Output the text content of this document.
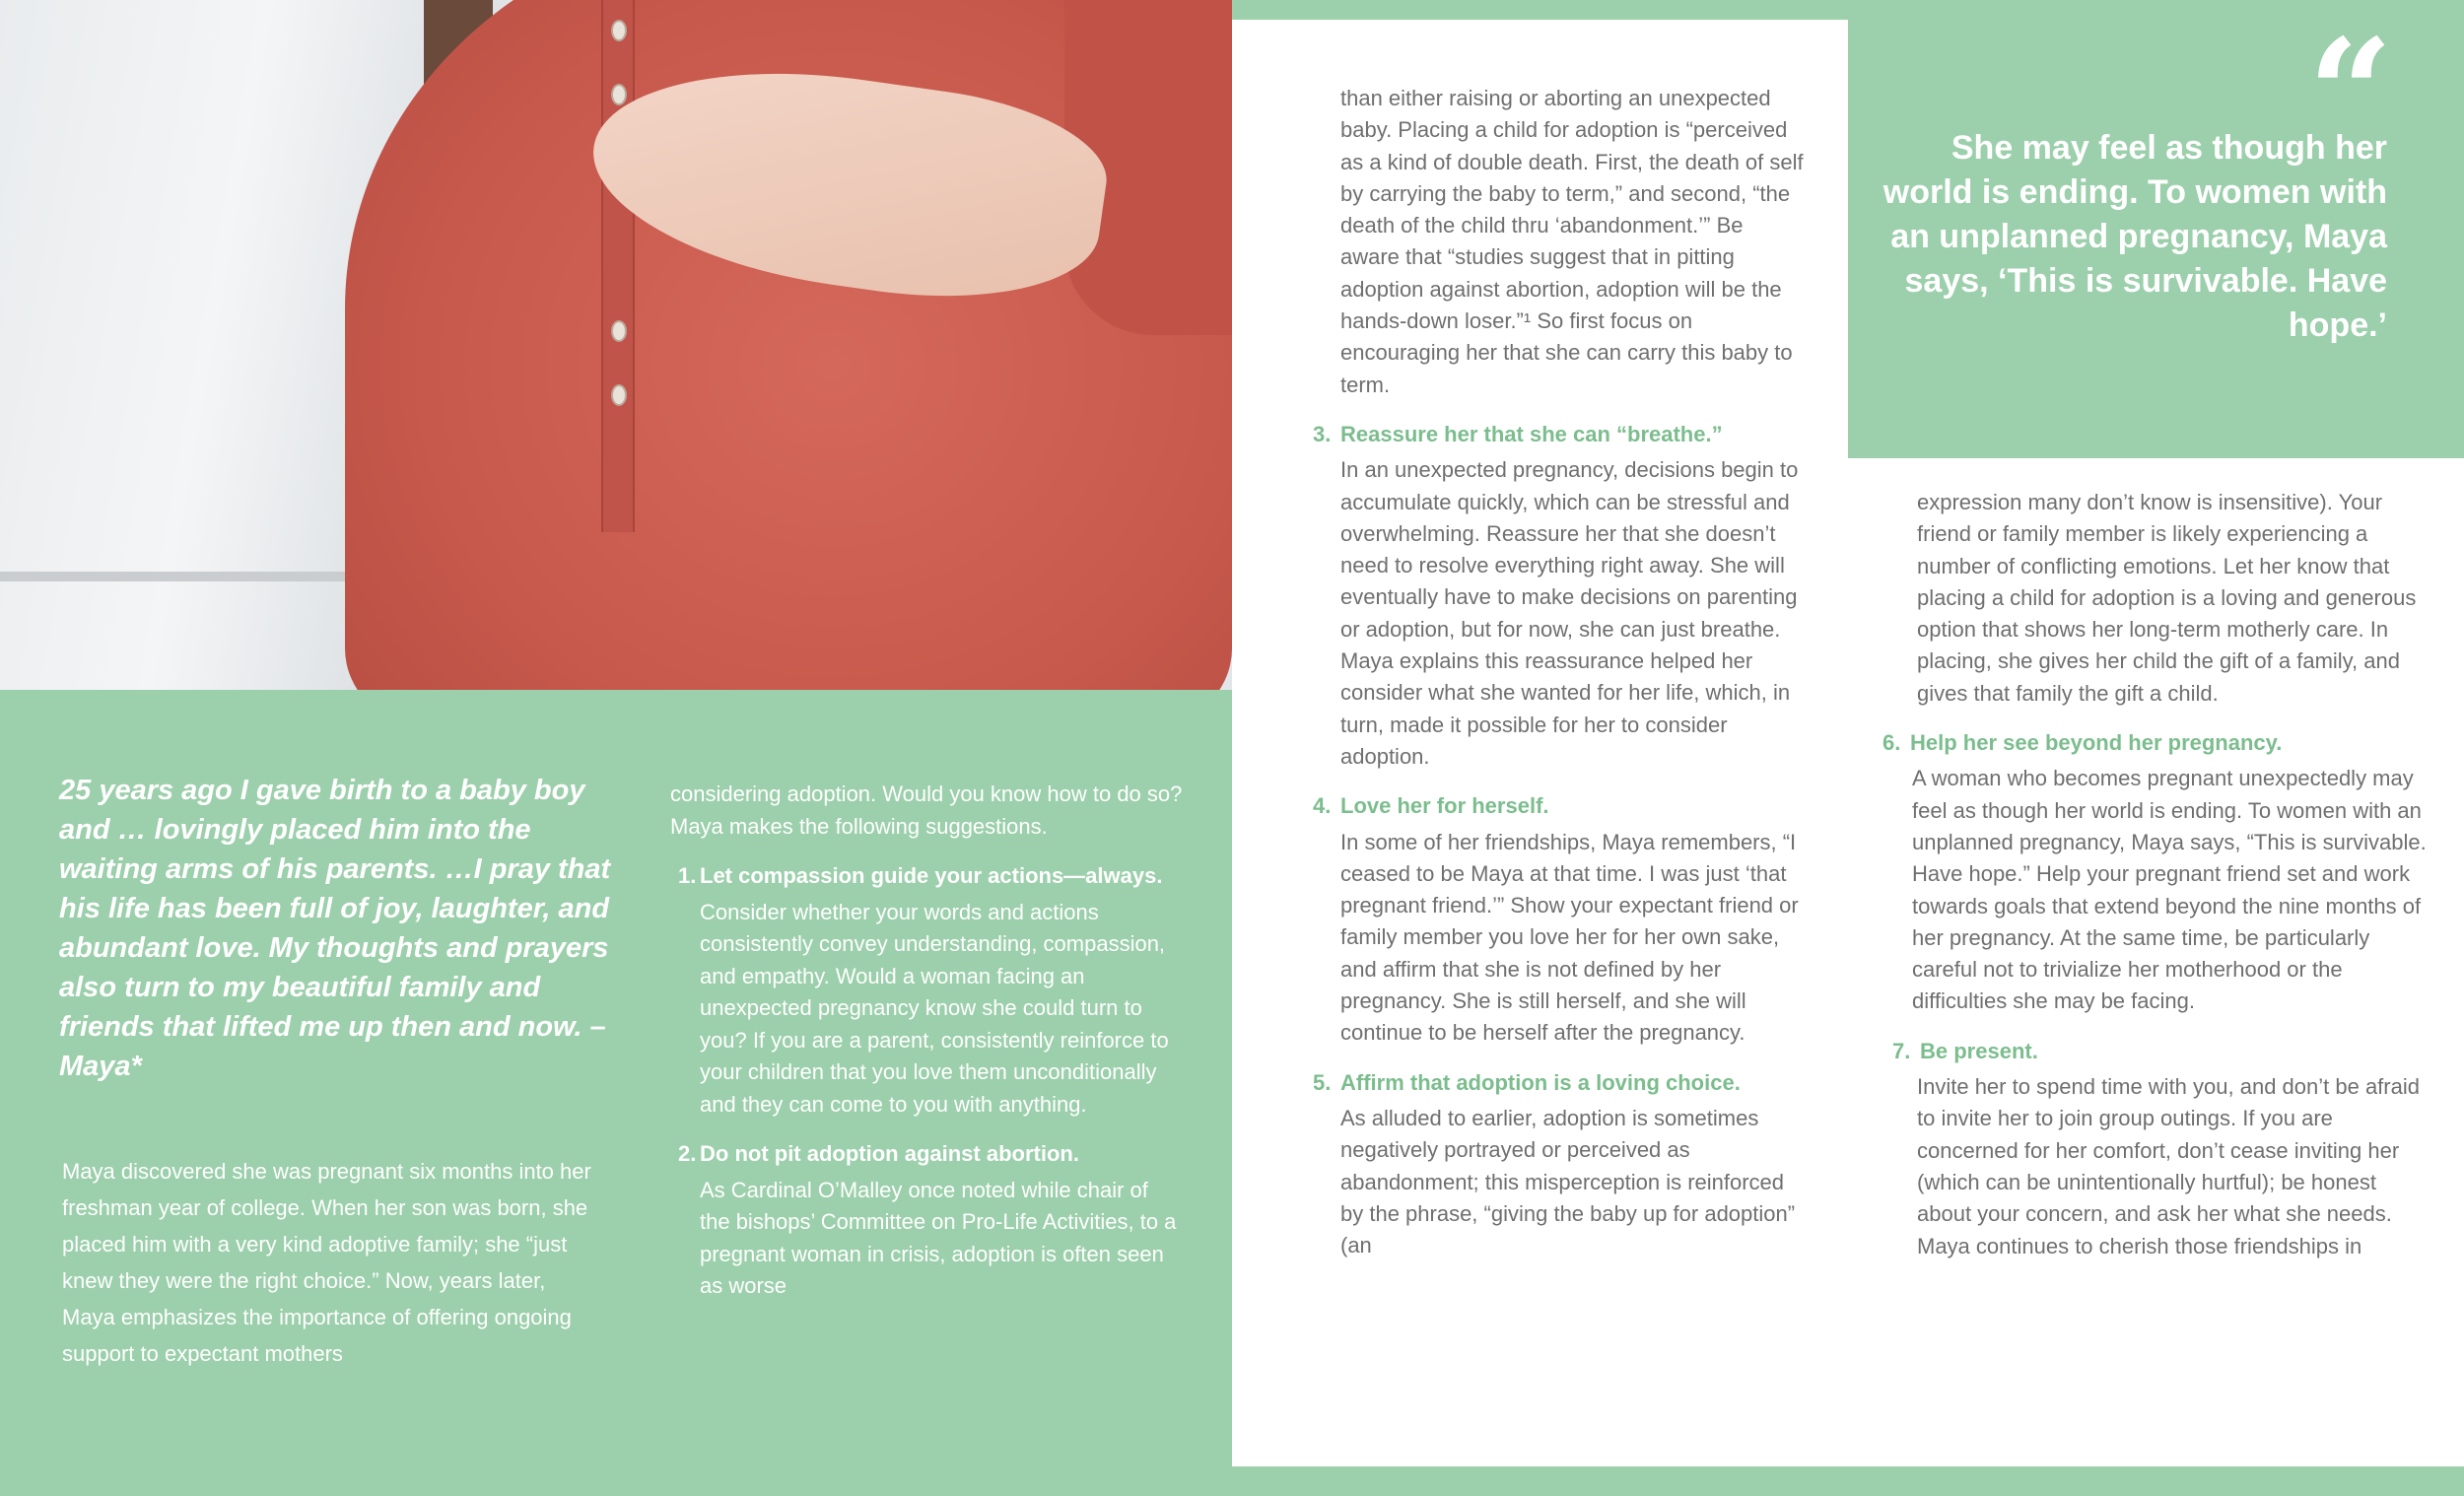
“
She may feel as though her world is ending. To women with an unplanned pregnancy, Maya says, ‘This is survivable. Have hope.’
25 years ago I gave birth to a baby boy and … lovingly placed him into the waiting arms of his parents. …I pray that his life has been full of joy, laughter, and abundant love. My thoughts and prayers also turn to my beautiful family and friends that lifted me up then and now. – Maya*
Maya discovered she was pregnant six months into her freshman year of college. When her son was born, she placed him with a very kind adoptive family; she “just knew they were the right choice.” Now, years later, Maya emphasizes the importance of offering ongoing support to expectant mothers

considering adoption. Would you know how to do so? Maya makes the following suggestions.

1. Let compassion guide your actions—always.

Consider whether your words and actions consistently convey understanding, compassion, and empathy. Would a woman facing an unexpected pregnancy know she could turn to you? If you are a parent, consistently reinforce to your children that you love them unconditionally and they can come to you with anything.

2. Do not pit adoption against abortion.

As Cardinal O’Malley once noted while chair of the bishops’ Committee on Pro-Life Activities, to a pregnant woman in crisis, adoption is often seen as worse

than either raising or aborting an unexpected baby. Placing a child for adoption is “perceived as a kind of double death. First, the death of self by carrying the baby to term,” and second, “the death of the child thru ‘abandonment.’” Be aware that “studies suggest that in pitting adoption against abortion, adoption will be the hands-down loser.”¹ So first focus on encouraging her that she can carry this baby to term.

3. Reassure her that she can “breathe.”

In an unexpected pregnancy, decisions begin to accumulate quickly, which can be stressful and overwhelming. Reassure her that she doesn’t need to resolve everything right away. She will eventually have to make decisions on parenting or adoption, but for now, she can just breathe. Maya explains this reassurance helped her consider what she wanted for her life, which, in turn, made it possible for her to consider adoption.

4. Love her for herself.

In some of her friendships, Maya remembers, “I ceased to be Maya at that time. I was just ‘that pregnant friend.’” Show your expectant friend or family member you love her for her own sake, and affirm that she is not defined by her pregnancy. She is still herself, and she will continue to be herself after the pregnancy.

5. Affirm that adoption is a loving choice.

As alluded to earlier, adoption is sometimes negatively portrayed or perceived as abandonment; this misperception is reinforced by the phrase, “giving the baby up for adoption” (an

expression many don’t know is insensitive). Your friend or family member is likely experiencing a number of conflicting emotions. Let her know that placing a child for adoption is a loving and generous option that shows her long-term motherly care. In placing, she gives her child the gift of a family, and gives that family the gift a child.

6. Help her see beyond her pregnancy.

A woman who becomes pregnant unexpectedly may feel as though her world is ending. To women with an unplanned pregnancy, Maya says, “This is survivable. Have hope.” Help your pregnant friend set and work towards goals that extend beyond the nine months of her pregnancy. At the same time, be particularly careful not to trivialize her motherhood or the difficulties she may be facing.

7. Be present.

Invite her to spend time with you, and don’t be afraid to invite her to join group outings. If you are concerned for her comfort, don’t cease inviting her (which can be unintentionally hurtful); be honest about your concern, and ask her what she needs. Maya continues to cherish those friendships in
